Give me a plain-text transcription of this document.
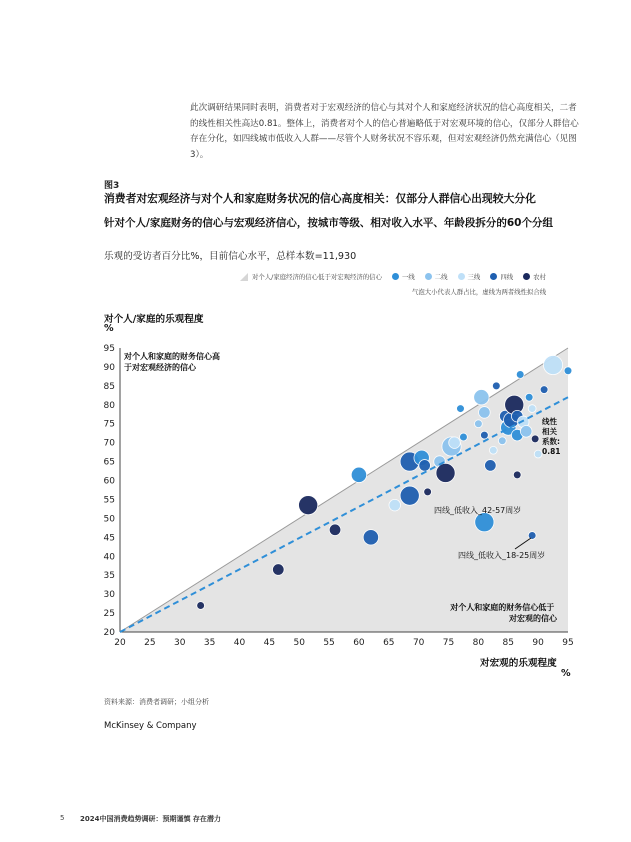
此次调研结果同时表明，消费者对于宏观经济的信心与其对个人和家庭经济状况的信心高度相关，二者的线性相关性高达0.81。整体上，消费者对个人的信心普遍略低于对宏观环境的信心，仅部分人群信心存在分化，如四线城市低收入人群——尽管个人财务状况不容乐观，但对宏观经济仍然充满信心（见图3）。
图3
消费者对宏观经济与对个人和家庭财务状况的信心高度相关：仅部分人群信心出现较大分化
针对个人/家庭财务的信心与宏观经济信心，按城市等级、相对收入水平、年龄段拆分的60个分组
乐观的受访者百分比%，目前信心水平，总样本数=11,930
对个人/家庭经济的信心低于对宏观经济的信心	一线	二线	三线	四线	农村
气泡大小代表人群占比，虚线为两者线性拟合线
对个人/家庭的乐观程度
%
20 25 30 35 40 45 50 55 60 65 70 75 80 85 90 95
20
25
30
35
40
45
50
55
60
65
70
75
80
85
90
95
对个人和家庭的财务信心高 于对宏观经济的信心
对个人和家庭的财务信心低于 对宏观的信心
线性 相关 系数: 0.81
四线_低收入_42-57周岁
四线_低收入_18-25周岁
对宏观的乐观程度
%
资料来源：消费者调研；小组分析
McKinsey & Company
5 2024中国消费趋势调研：预期谨慎 存在潜力
